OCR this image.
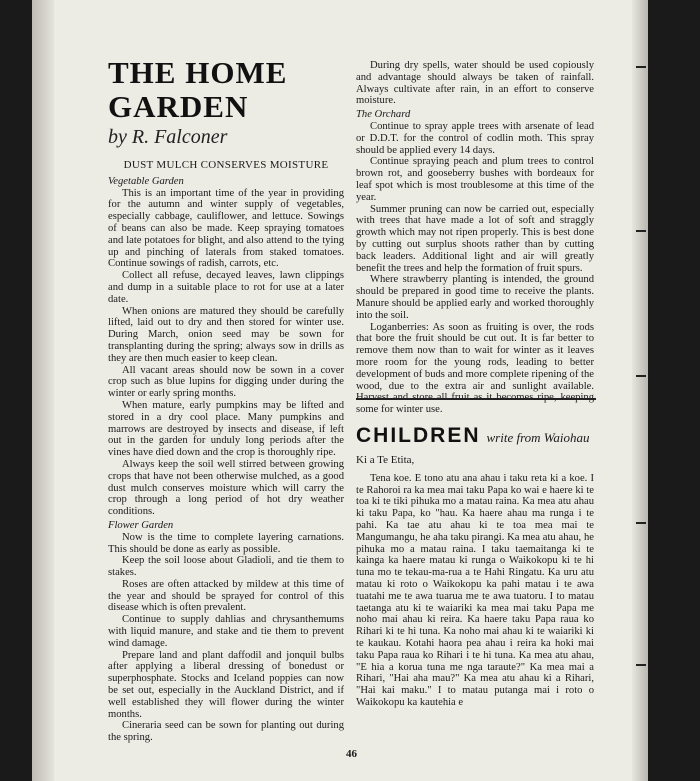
THE HOME
GARDEN
by R. Falconer

DUST MULCH CONSERVES MOISTURE

Vegetable Garden

This is an important time of the year in providing for the autumn and winter supply of vegetables, especially cabbage, cauliflower, and lettuce. Sowings of beans can also be made. Keep spraying tomatoes and late potatoes for blight, and also attend to the tying up and pinching of laterals from staked tomatoes. Continue sowings of radish, carrots, etc.

Collect all refuse, decayed leaves, lawn clippings and dump in a suitable place to rot for use at a later date.

When onions are matured they should be carefully lifted, laid out to dry and then stored for winter use. During March, onion seed may be sown for transplanting during the spring; always sow in drills as they are then much easier to keep clean.

All vacant areas should now be sown in a cover crop such as blue lupins for digging under during the winter or early spring months.

When mature, early pumpkins may be lifted and stored in a dry cool place. Many pumpkins and marrows are destroyed by insects and disease, if left out in the garden for unduly long periods after the vines have died down and the crop is thoroughly ripe.

Always keep the soil well stirred between growing crops that have not been otherwise mulched, as a good dust mulch conserves moisture which will carry the crop through a long period of hot dry weather conditions.

Flower Garden

Now is the time to complete layering carnations. This should be done as early as possible.

Keep the soil loose about Gladioli, and tie them to stakes.

Roses are often attacked by mildew at this time of the year and should be sprayed for control of this disease which is often prevalent.

Continue to supply dahlias and chrysanthemums with liquid manure, and stake and tie them to prevent wind damage.

Prepare land and plant daffodil and jonquil bulbs after applying a liberal dressing of bonedust or superphosphate. Stocks and Iceland poppies can now be set out, especially in the Auckland District, and if well established they will flower during the winter months.

Cineraria seed can be sown for planting out during the spring.

During dry spells, water should be used copiously and advantage should always be taken of rainfall. Always cultivate after rain, in an effort to conserve moisture.

The Orchard

Continue to spray apple trees with arsenate of lead or D.D.T. for the control of codlin moth. This spray should be applied every 14 days.

Continue spraying peach and plum trees to control brown rot, and gooseberry bushes with bordeaux for leaf spot which is most troublesome at this time of the year.

Summer pruning can now be carried out, especially with trees that have made a lot of soft and straggly growth which may not ripen properly. This is best done by cutting out surplus shoots rather than by cutting back leaders. Additional light and air will greatly benefit the trees and help the formation of fruit spurs.

Where strawberry planting is intended, the ground should be prepared in good time to receive the plants. Manure should be applied early and worked thoroughly into the soil.

Loganberries: As soon as fruiting is over, the rods that bore the fruit should be cut out. It is far better to remove them now than to wait for winter as it leaves more room for the young rods, leading to better development of buds and more complete ripening of the wood, due to the extra air and sunlight available. some for winter use.

CHILDREN write from Waiohau

Ki a Te Etita,

Tena koe. E tono atu ana ahau i taku reta ki a koe. I te Rahoroi ra ka mea mai taku Papa ko wai e haere ki te toa ki te tiki pihuka mo a matau raina. Ka mea atu ahau ki taku Papa, ko "hau. Ka haere ahau ma runga i te pahi. Ka tae atu ahau ki te toa mea mai te Mangumangu, he aha taku pirangi. Ka mea atu ahau, he pihuka mo a matau raina. I taku taemaitanga ki te kainga ka haere matau ki runga o Waikokopu ki te hi tuna mo te tekau-ma-rua a te Hahi Ringatu. Ka uru atu matau ki roto o Waikokopu ka pahi matau i te awa tuatahi me te awa tuarua me te awa tuatoru. I to matau taetanga atu ki te waiariki ka mea mai taku Papa me noho mai ahau ki reira. Ka haere taku Papa raua ko Rihari ki te hi tuna. Ka noho mai ahau ki te waiariki ki te kaukau. Kotahi haora pea ahau i reira ka hoki mai taku Papa raua ko Rihari i te hi tuna. Ka mea atu ahau, "E hia a korua tuna me nga taraute?" Ka mea mai a Rihari, "Hai aha mau?" Ka mea atu ahau ki a Rihari, "Hai kai maku." I to matau putanga mai i roto o Waikokopu ka kautehia e

46
